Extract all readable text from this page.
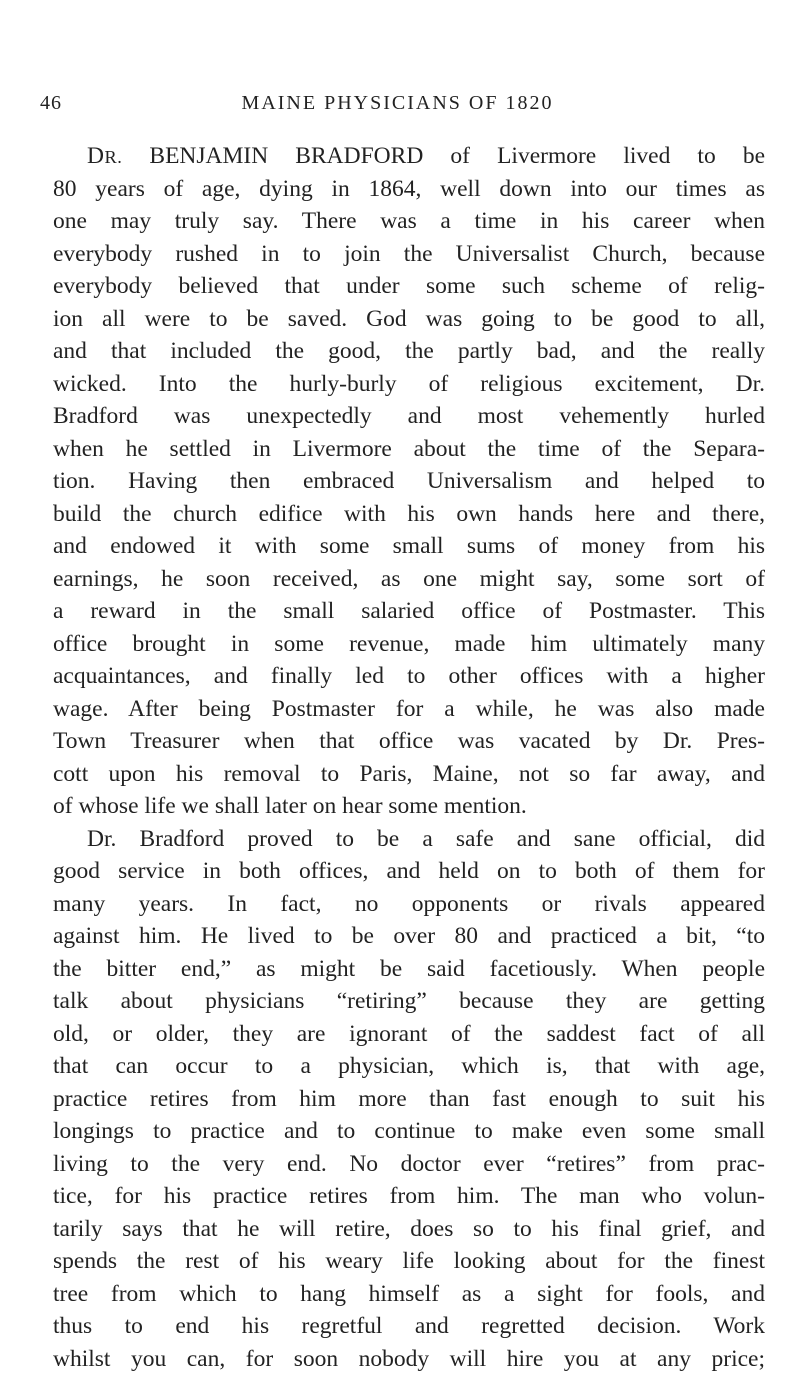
46	MAINE PHYSICIANS OF 1820
DR. BENJAMIN BRADFORD of Livermore lived to be
80 years of age, dying in 1864, well down into our times as
one may truly say. There was a time in his career when
everybody rushed in to join the Universalist Church, because
everybody believed that under some such scheme of relig-
ion all were to be saved. God was going to be good to all,
and that included the good, the partly bad, and the really
wicked. Into the hurly-burly of religious excitement, Dr.
Bradford was unexpectedly and most vehemently hurled
when he settled in Livermore about the time of the Separa-
tion. Having then embraced Universalism and helped to
build the church edifice with his own hands here and there,
and endowed it with some small sums of money from his
earnings, he soon received, as one might say, some sort of
a reward in the small salaried office of Postmaster. This
office brought in some revenue, made him ultimately many
acquaintances, and finally led to other offices with a higher
wage. After being Postmaster for a while, he was also made
Town Treasurer when that office was vacated by Dr. Pres-
cott upon his removal to Paris, Maine, not so far away, and
of whose life we shall later on hear some mention.
Dr. Bradford proved to be a safe and sane official, did
good service in both offices, and held on to both of them for
many years. In fact, no opponents or rivals appeared
against him. He lived to be over 80 and practiced a bit, “to
the bitter end,” as might be said facetiously. When people
talk about physicians “retiring” because they are getting
old, or older, they are ignorant of the saddest fact of all
that can occur to a physician, which is, that with age,
practice retires from him more than fast enough to suit his
longings to practice and to continue to make even some small
living to the very end. No doctor ever “retires” from prac-
tice, for his practice retires from him. The man who volun-
tarily says that he will retire, does so to his final grief, and
spends the rest of his weary life looking about for the finest
tree from which to hang himself as a sight for fools, and
thus to end his regretful and regretted decision. Work
whilst you can, for soon nobody will hire you at any price;
